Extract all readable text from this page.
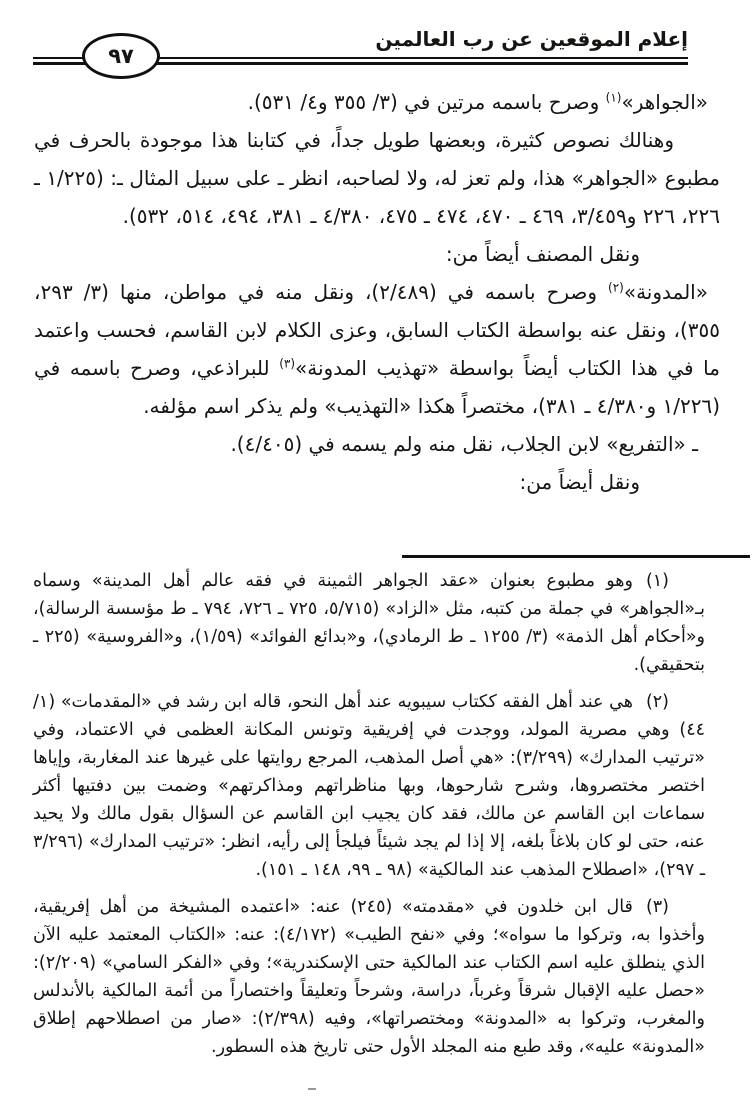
إعلام الموقعين عن رب العالمين
٩٧

«الجواهر»$^{(١)}$ وصرح باسمه مرتين في (٣/ ٣٥٥ و٤/ ٥٣١).

وهنالك نصوص كثيرة، وبعضها طويل جداً، في كتابنا هذا موجودة بالحرف في مطبوع «الجواهر» هذا، ولم تعز له، ولا لصاحبه، انظر ـ على سبيل المثال ـ: (١/٢٢٥ ـ ٢٢٦، ٢٢٦ و٣/٤٥٩، ٤٦٩ ـ ٤٧٠، ٤٧٤ ـ ٤٧٥، ٤/٣٨٠ ـ ٣٨١، ٤٩٤، ٥١٤، ٥٣٢).

ونقل المصنف أيضاً من:

«المدونة»$^{(٢)}$ وصرح باسمه في (٢/٤٨٩)، ونقل منه في مواطن، منها (٣/ ٢٩٣، ٣٥٥)، ونقل عنه بواسطة الكتاب السابق، وعزى الكلام لابن القاسم، فحسب واعتمد ما في هذا الكتاب أيضاً بواسطة «تهذيب المدونة»$^{(٣)}$ للبراذعي، وصرح باسمه في (١/٢٢٦ و٤/٣٨٠ ـ ٣٨١)، مختصراً هكذا «التهذيب» ولم يذكر اسم مؤلفه.

ـ «التفريع» لابن الجلاب، نقل منه ولم يسمه في (٤/٤٠٥).

ونقل أيضاً من:

(١)وهو مطبوع بعنوان «عقد الجواهر الثمينة في فقه عالم أهل المدينة» وسماه بـ«الجواهر» في جملة من كتبه، مثل «الزاد» (٥/٧١٥، ٧٢٥ ـ ٧٢٦، ٧٩٤ ـ ط مؤسسة الرسالة)، و«أحكام أهل الذمة» (٣/ ١٢٥٥ ـ ط الرمادي)، و«بدائع الفوائد» (١/٥٩)، و«الفروسية» (٢٢٥ ـ بتحقيقي).

(٢)هي عند أهل الفقه ككتاب سيبويه عند أهل النحو، قاله ابن رشد في «المقدمات» (١/ ٤٤) وهي مصرية المولد، ووجدت في إفريقية وتونس المكانة العظمى في الاعتماد، وفي «ترتيب المدارك» (٣/٢٩٩): «هي أصل المذهب، المرجع روايتها على غيرها عند المغاربة، وإياها اختصر مختصروها، وشرح شارحوها، وبها مناظراتهم ومذاكرتهم» وضمت بين دفتيها أكثر سماعات ابن القاسم عن مالك، فقد كان يجيب ابن القاسم عن السؤال بقول مالك ولا يحيد عنه، حتى لو كان بلاغاً بلغه، إلا إذا لم يجد شيئاً فيلجأ إلى رأيه، انظر: «ترتيب المدارك» (٣/٢٩٦ ـ ٢٩٧)، «اصطلاح المذهب عند المالكية» (٩٨ ـ ٩٩، ١٤٨ ـ ١٥١).

(٣)قال ابن خلدون في «مقدمته» (٢٤٥) عنه: «اعتمده المشيخة من أهل إفريقية، وأخذوا به، وتركوا ما سواه»؛ وفي «نفح الطيب» (٤/١٧٢): عنه: «الكتاب المعتمد عليه الآن الذي ينطلق عليه اسم الكتاب عند المالكية حتى الإسكندرية»؛ وفي «الفكر السامي» (٢/٢٠٩): «حصل عليه الإقبال شرقاً وغرباً، دراسة، وشرحاً وتعليقاً واختصاراً من أئمة المالكية بالأندلس والمغرب، وتركوا به «المدونة» ومختصراتها»، وفيه (٢/٣٩٨): «صار من اصطلاحهم إطلاق «المدونة» عليه»، وقد طبع منه المجلد الأول حتى تاريخ هذه السطور.
